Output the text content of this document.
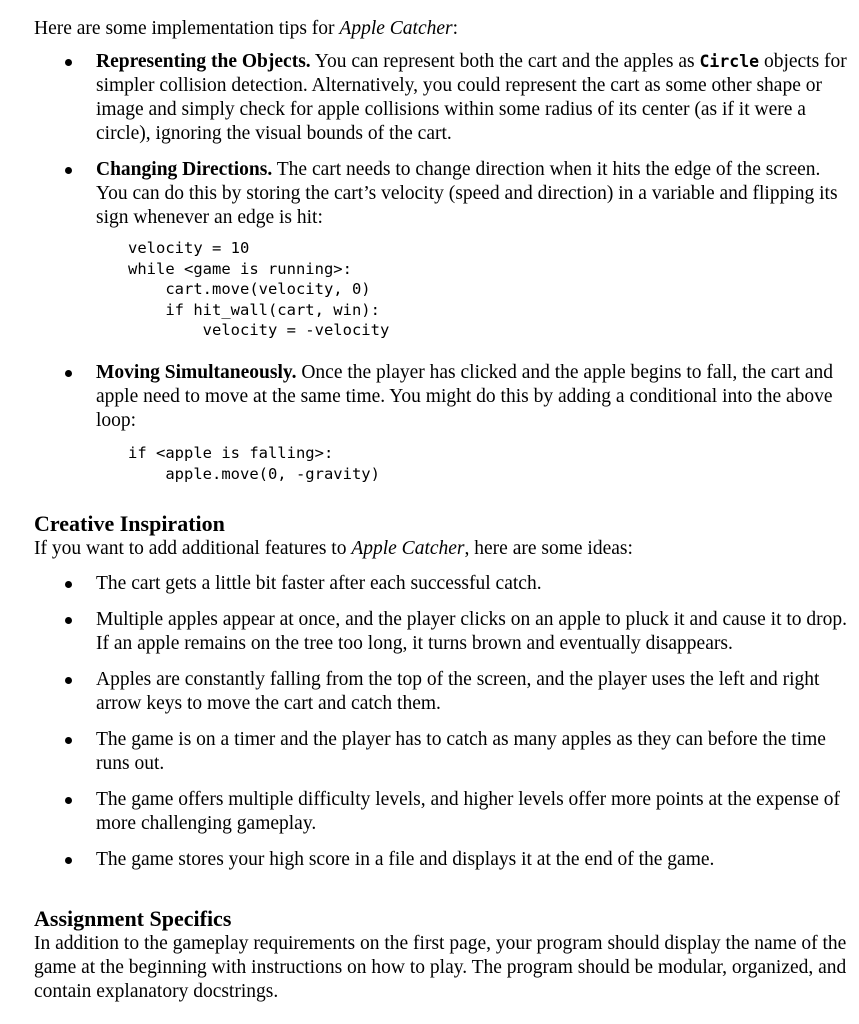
Here are some implementation tips for Apple Catcher:

Representing the Objects. You can represent both the cart and the apples as Circle objects for simpler collision detection. Alternatively, you could represent the cart as some other shape or image and simply check for apple collisions within some radius of its center (as if it were a circle), ignoring the visual bounds of the cart.
Changing Directions. The cart needs to change direction when it hits the edge of the screen. You can do this by storing the cart’s velocity (speed and direction) in a variable and flipping its sign whenever an edge is hit:
velocity = 10
while <game is running>:
cart.move(velocity, 0)
if hit_wall(cart, win):
velocity = -velocity
Moving Simultaneously. Once the player has clicked and the apple begins to fall, the cart and apple need to move at the same time. You might do this by adding a conditional into the above loop:
if <apple is falling>:
apple.move(0, -gravity)
Creative Inspiration

If you want to add additional features to Apple Catcher, here are some ideas:

The cart gets a little bit faster after each successful catch.
Multiple apples appear at once, and the player clicks on an apple to pluck it and cause it to drop. If an apple remains on the tree too long, it turns brown and eventually disappears.
Apples are constantly falling from the top of the screen, and the player uses the left and right arrow keys to move the cart and catch them.
The game is on a timer and the player has to catch as many apples as they can before the time runs out.
The game offers multiple difficulty levels, and higher levels offer more points at the expense of more challenging gameplay.
The game stores your high score in a file and displays it at the end of the game.
Assignment Specifics

In addition to the gameplay requirements on the first page, your program should display the name of the game at the beginning with instructions on how to play. The program should be modular, organized, and contain explanatory docstrings.
